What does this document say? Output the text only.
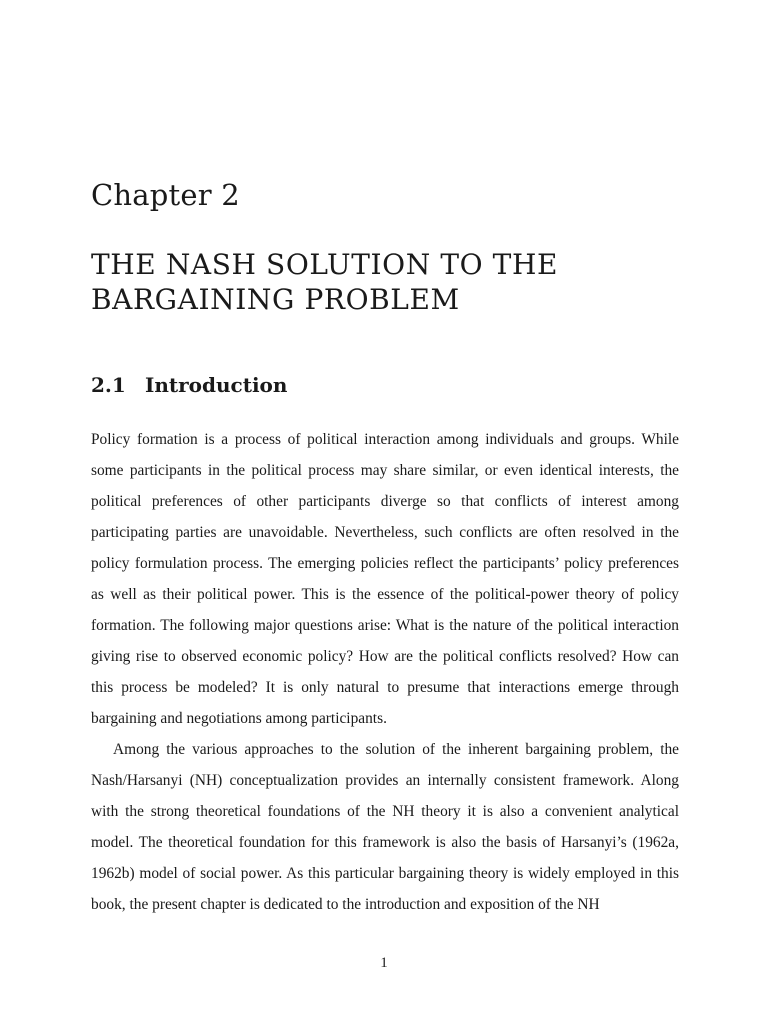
Chapter 2
THE NASH SOLUTION TO THE BARGAINING PROBLEM
2.1 Introduction

Policy formation is a process of political interaction among individuals and groups. While some participants in the political process may share similar, or even identical interests, the political preferences of other participants diverge so that conflicts of interest among participating parties are unavoidable. Nevertheless, such conflicts are often resolved in the policy formulation process. The emerging policies reflect the participants’ policy preferences as well as their political power. This is the essence of the political-power theory of policy formation. The following major questions arise: What is the nature of the political interaction giving rise to observed economic policy? How are the political conflicts resolved? How can this process be modeled? It is only natural to presume that interactions emerge through bargaining and negotiations among participants.

Among the various approaches to the solution of the inherent bargaining problem, the Nash/Harsanyi (NH) conceptualization provides an internally consistent framework. Along with the strong theoretical foundations of the NH theory it is also a convenient analytical model. The theoretical foundation for this framework is also the basis of Harsanyi’s (1962a, 1962b) model of social power. As this particular bargaining theory is widely employed in this book, the present chapter is dedicated to the introduction and exposition of the NH

1
